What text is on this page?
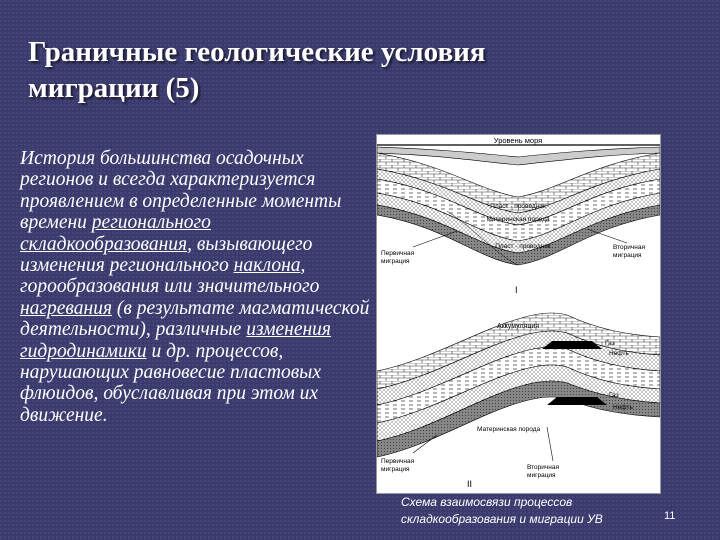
Граничные геологические условия
миграции (5)
История большинства осадочных регионов и всегда характеризуется проявлением в определенные моменты времени регионального складкообразования, вызывающего изменения регионального наклона, горообразования или значительного нагревания (в результате магматической деятельности), различные изменения гидродинамики и др. процессов, нарушающих равновесие пластовых флюидов, обуславливая при этом их движение.
Уровень моря
Пласт - проводник
Материнская порода
Пласт - проводник
Первичная миграция
Вторичная миграция
I
Аккумуляция
Газ
Нефть
Газ
Нефть
Материнская порода
Первичная миграция	Вторичная миграция
II
Схема взаимосвязи процессов
складкообразования и миграции УВ	11
